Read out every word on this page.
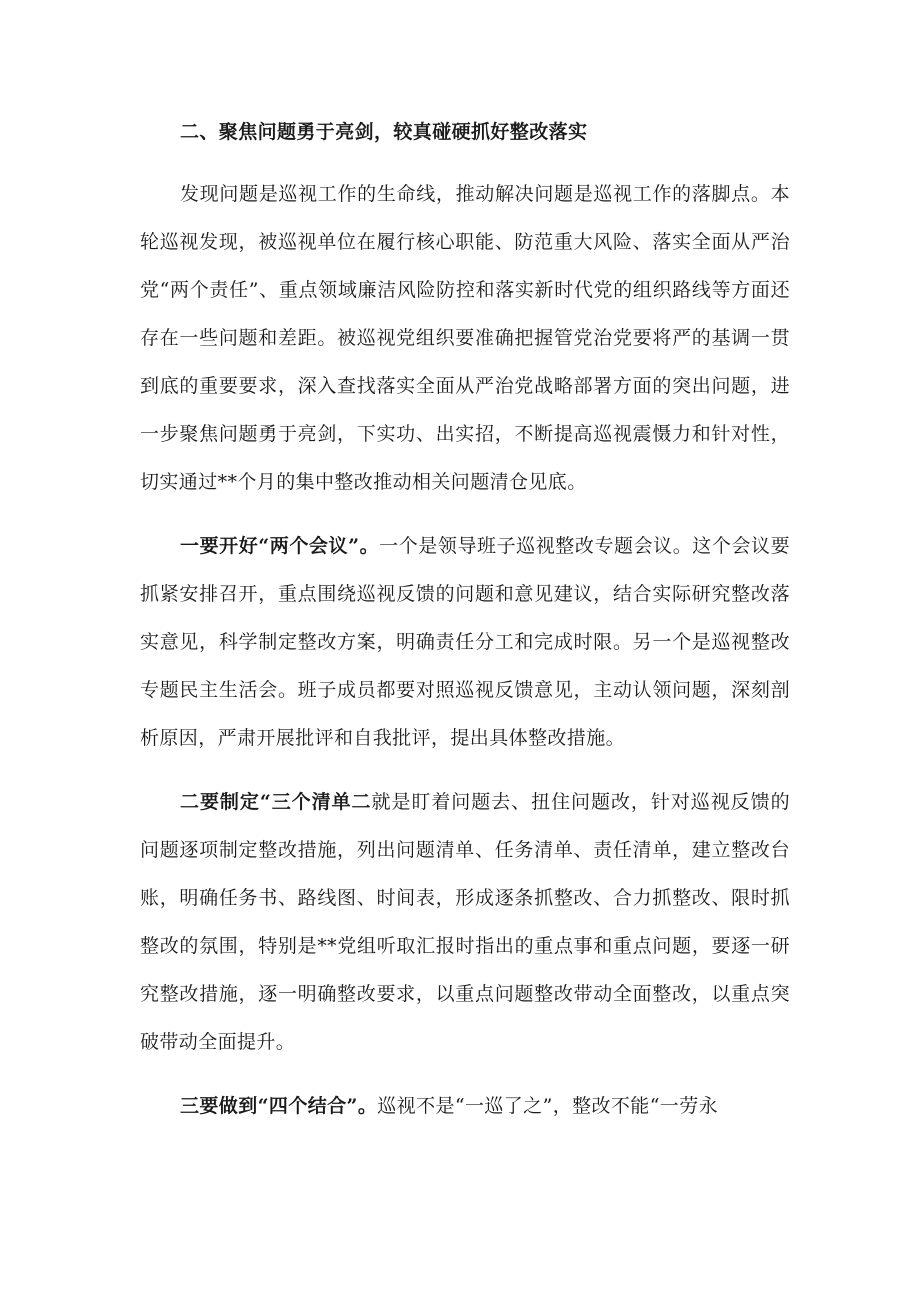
二、聚焦问题勇于亮剑，较真碰硬抓好整改落实

发现问题是巡视工作的生命线，推动解决问题是巡视工作的落脚点。本轮巡视发现，被巡视单位在履行核心职能、防范重大风险、落实全面从严治党“两个责任”、重点领域廉洁风险防控和落实新时代党的组织路线等方面还存在一些问题和差距。被巡视党组织要准确把握管党治党要将严的基调一贯到底的重要要求，深入查找落实全面从严治党战略部署方面的突出问题，进一步聚焦问题勇于亮剑，下实功、出实招，不断提高巡视震慑力和针对性，切实通过**个月的集中整改推动相关问题清仓见底。

一要开好“两个会议”。一个是领导班子巡视整改专题会议。这个会议要抓紧安排召开，重点围绕巡视反馈的问题和意见建议，结合实际研究整改落实意见，科学制定整改方案，明确责任分工和完成时限。另一个是巡视整改专题民主生活会。班子成员都要对照巡视反馈意见，主动认领问题，深刻剖析原因，严肃开展批评和自我批评，提出具体整改措施。

二要制定“三个清单二就是盯着问题去、扭住问题改，针对巡视反馈的问题逐项制定整改措施，列出问题清单、任务清单、责任清单，建立整改台账，明确任务书、路线图、时间表，形成逐条抓整改、合力抓整改、限时抓整改的氛围，特别是**党组听取汇报时指出的重点事和重点问题，要逐一研究整改措施，逐一明确整改要求，以重点问题整改带动全面整改，以重点突破带动全面提升。

三要做到“四个结合”。巡视不是“一巡了之”，整改不能“一劳永
